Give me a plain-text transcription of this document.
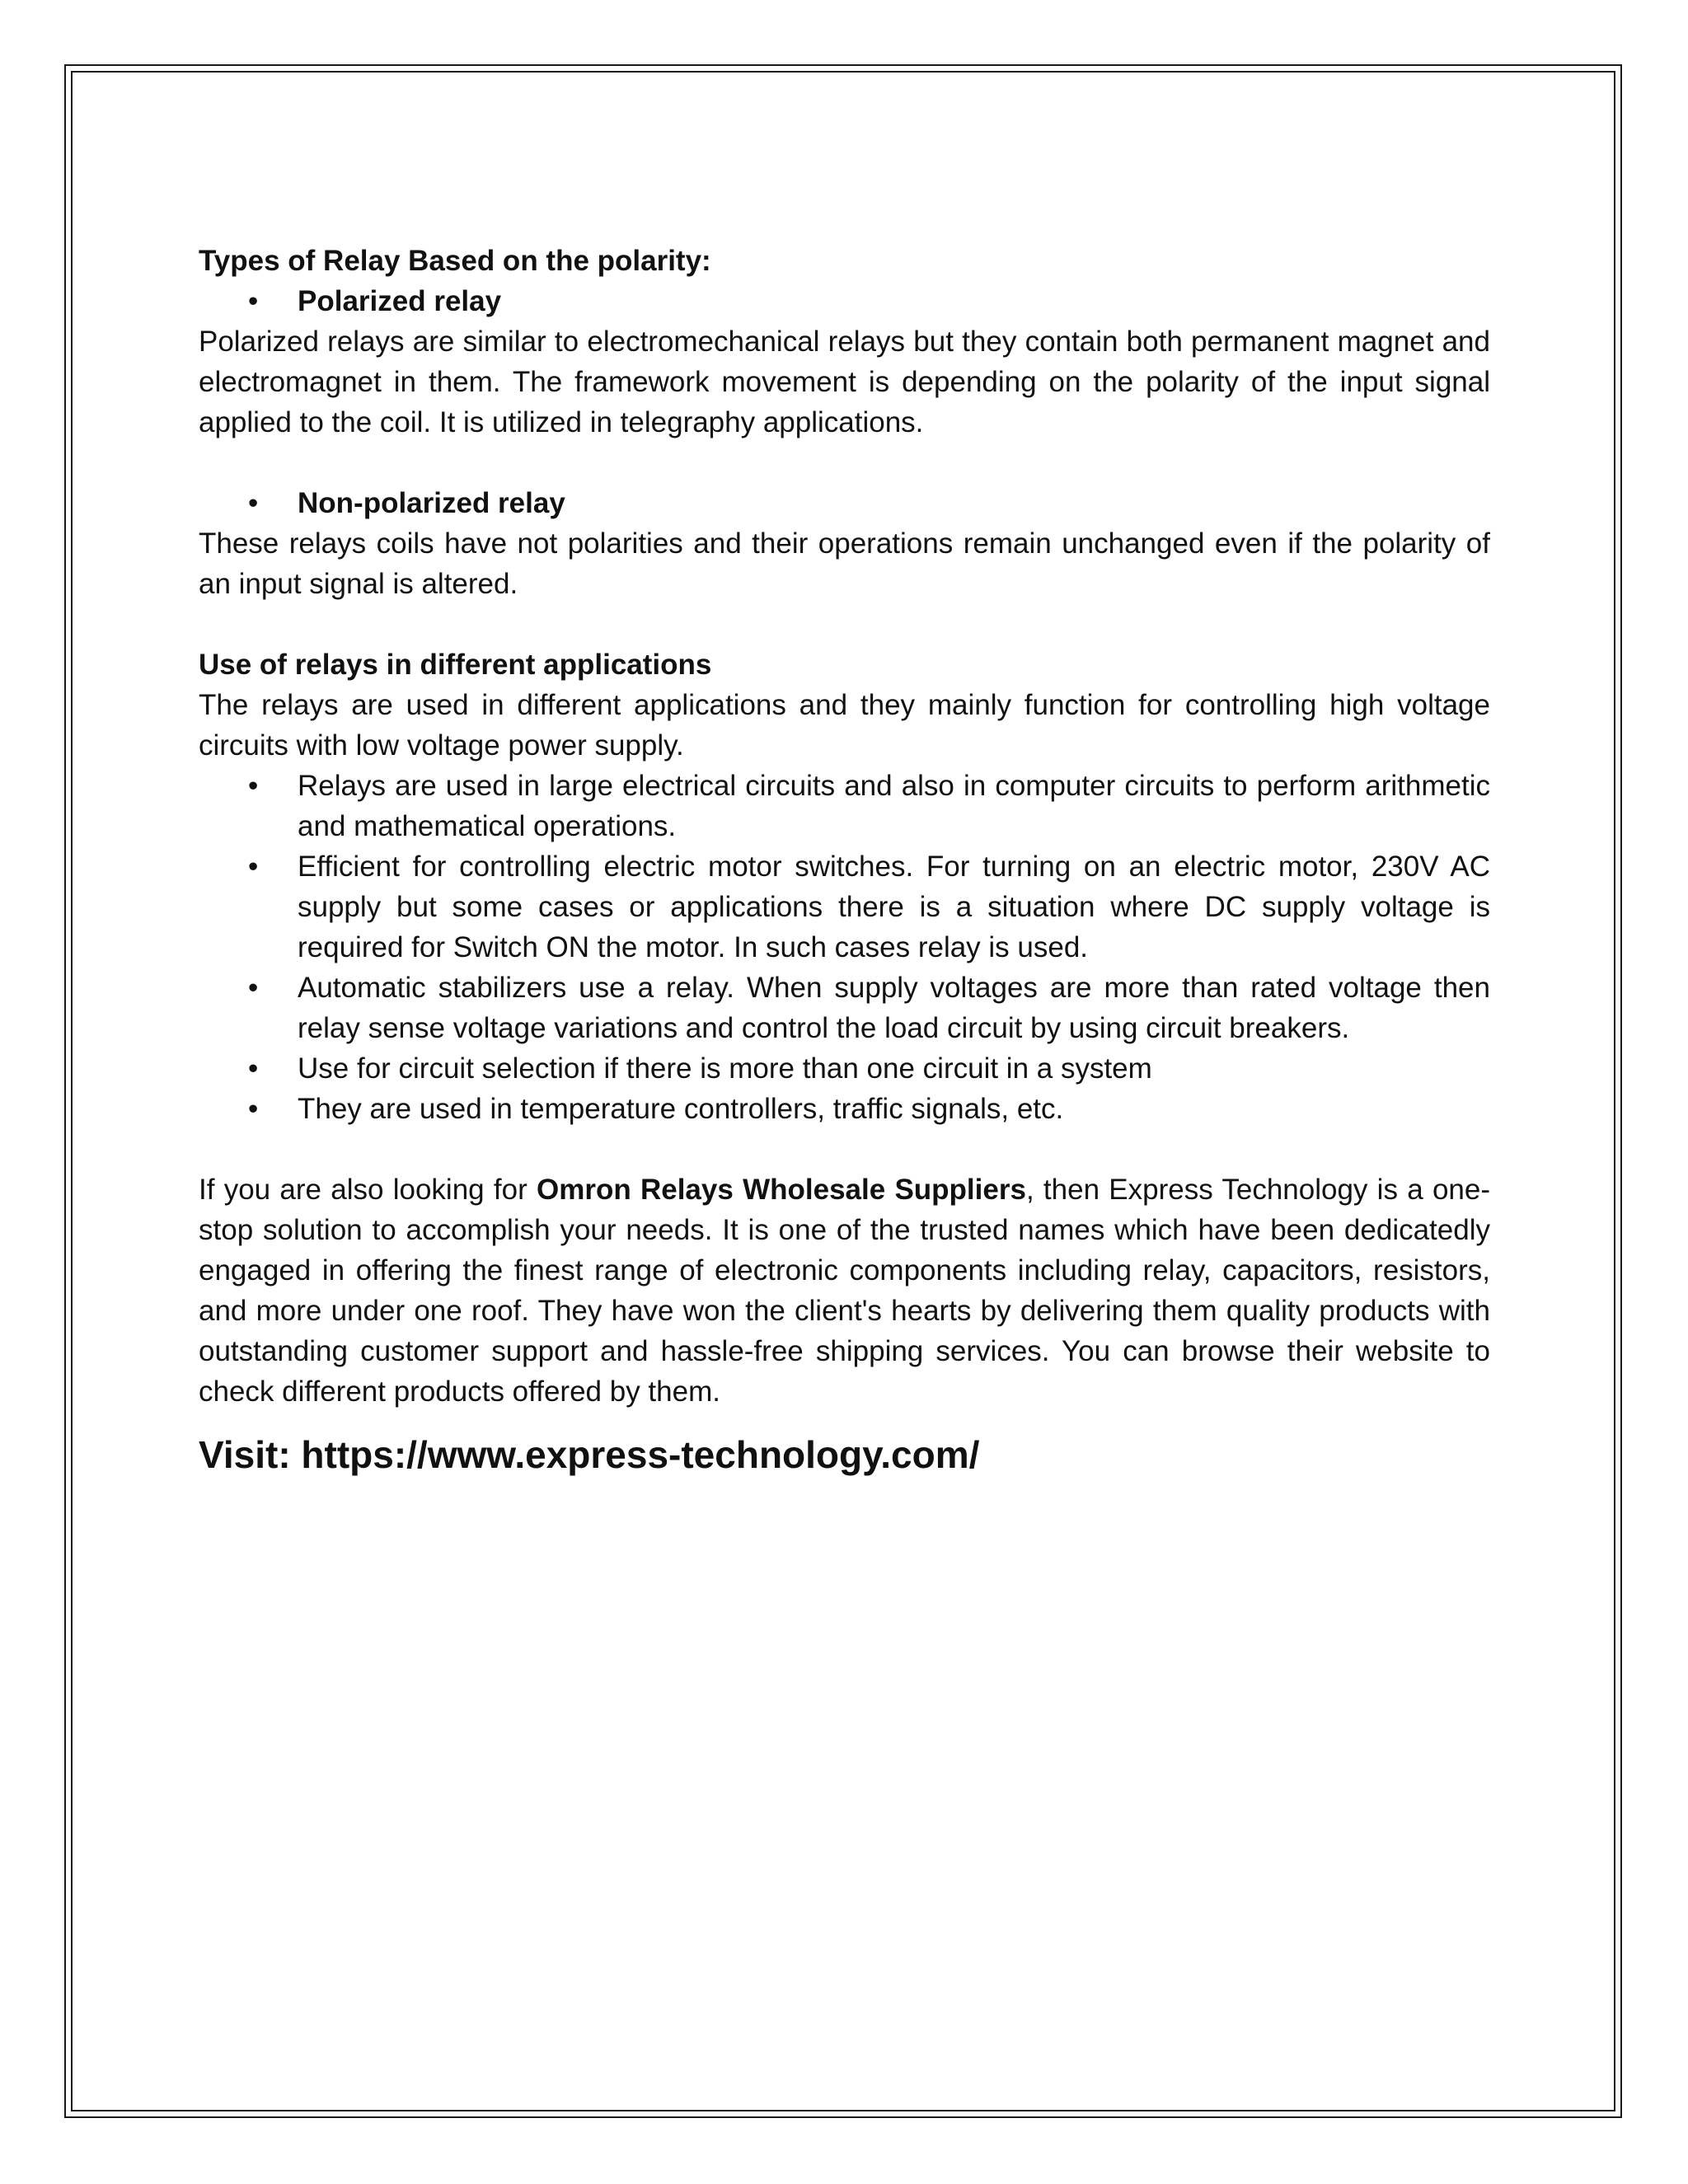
Types of Relay Based on the polarity:

• Polarized relay

Polarized relays are similar to electromechanical relays but they contain both permanent magnet and electromagnet in them. The framework movement is depending on the polarity of the input signal applied to the coil. It is utilized in telegraphy applications.

• Non-polarized relay

These relays coils have not polarities and their operations remain unchanged even if the polarity of an input signal is altered.

Use of relays in different applications

The relays are used in different applications and they mainly function for controlling high voltage circuits with low voltage power supply.

• Relays are used in large electrical circuits and also in computer circuits to perform arithmetic and mathematical operations.
• Efficient for controlling electric motor switches. For turning on an electric motor, 230V AC supply but some cases or applications there is a situation where DC supply voltage is required for Switch ON the motor. In such cases relay is used.
• Automatic stabilizers use a relay. When supply voltages are more than rated voltage then relay sense voltage variations and control the load circuit by using circuit breakers.
• Use for circuit selection if there is more than one circuit in a system
• They are used in temperature controllers, traffic signals, etc.

If you are also looking for Omron Relays Wholesale Suppliers, then Express Technology is a one-stop solution to accomplish your needs. It is one of the trusted names which have been dedicatedly engaged in offering the finest range of electronic components including relay, capacitors, resistors, and more under one roof. They have won the client's hearts by delivering them quality products with outstanding customer support and hassle-free shipping services. You can browse their website to check different products offered by them.

Visit: https://www.express-technology.com/
